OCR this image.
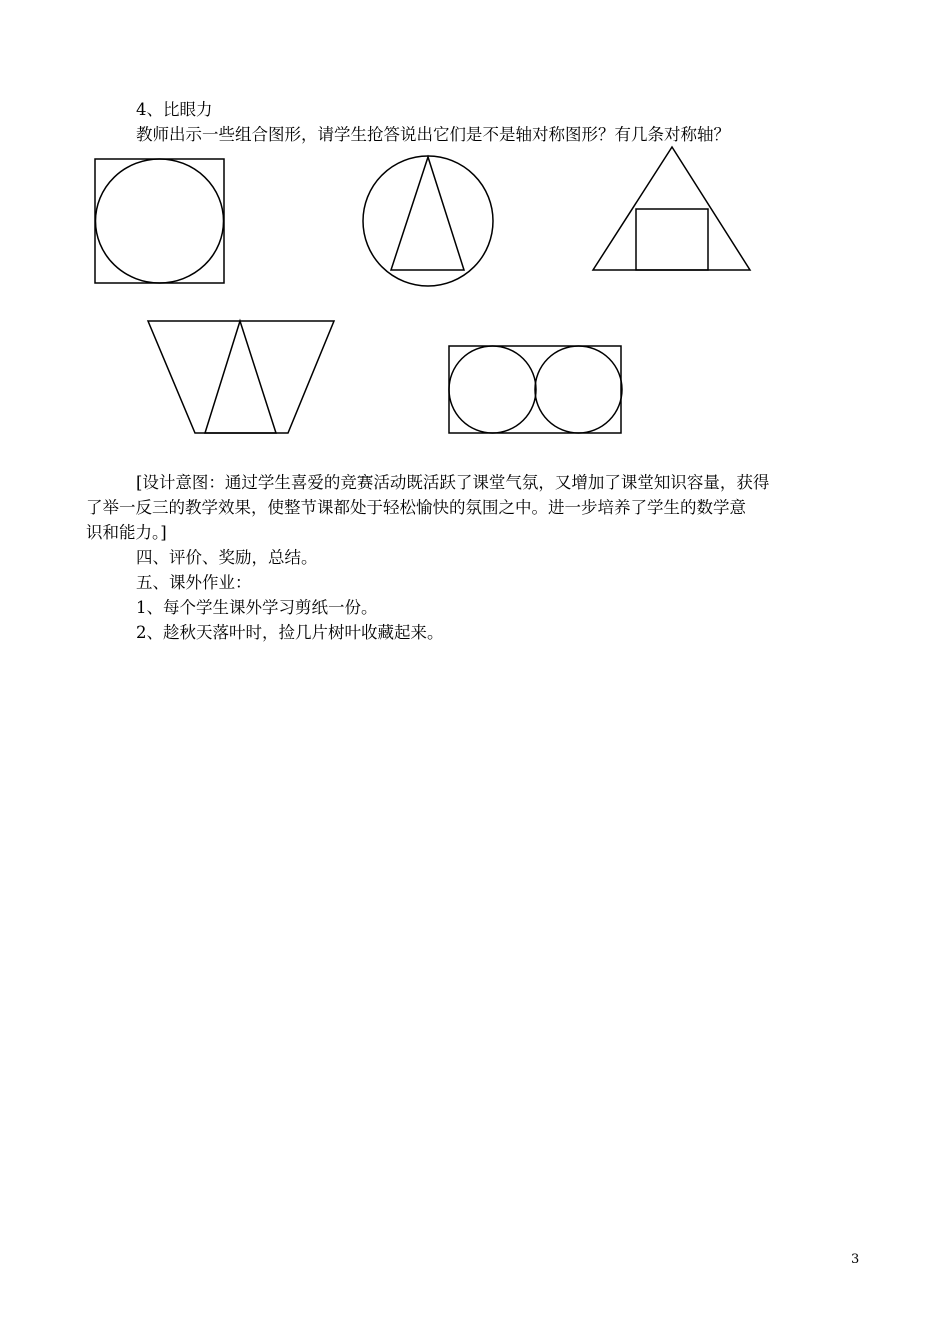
4、比眼力
教师出示一些组合图形，请学生抢答说出它们是不是轴对称图形？有几条对称轴？
[设计意图：通过学生喜爱的竞赛活动既活跃了课堂气氛，又增加了课堂知识容量，获得
了举一反三的教学效果，使整节课都处于轻松愉快的氛围之中。进一步培养了学生的数学意
识和能力。]
四、评价、奖励，总结。
五、课外作业：
1、每个学生课外学习剪纸一份。
2、趁秋天落叶时，捡几片树叶收藏起来。
3
